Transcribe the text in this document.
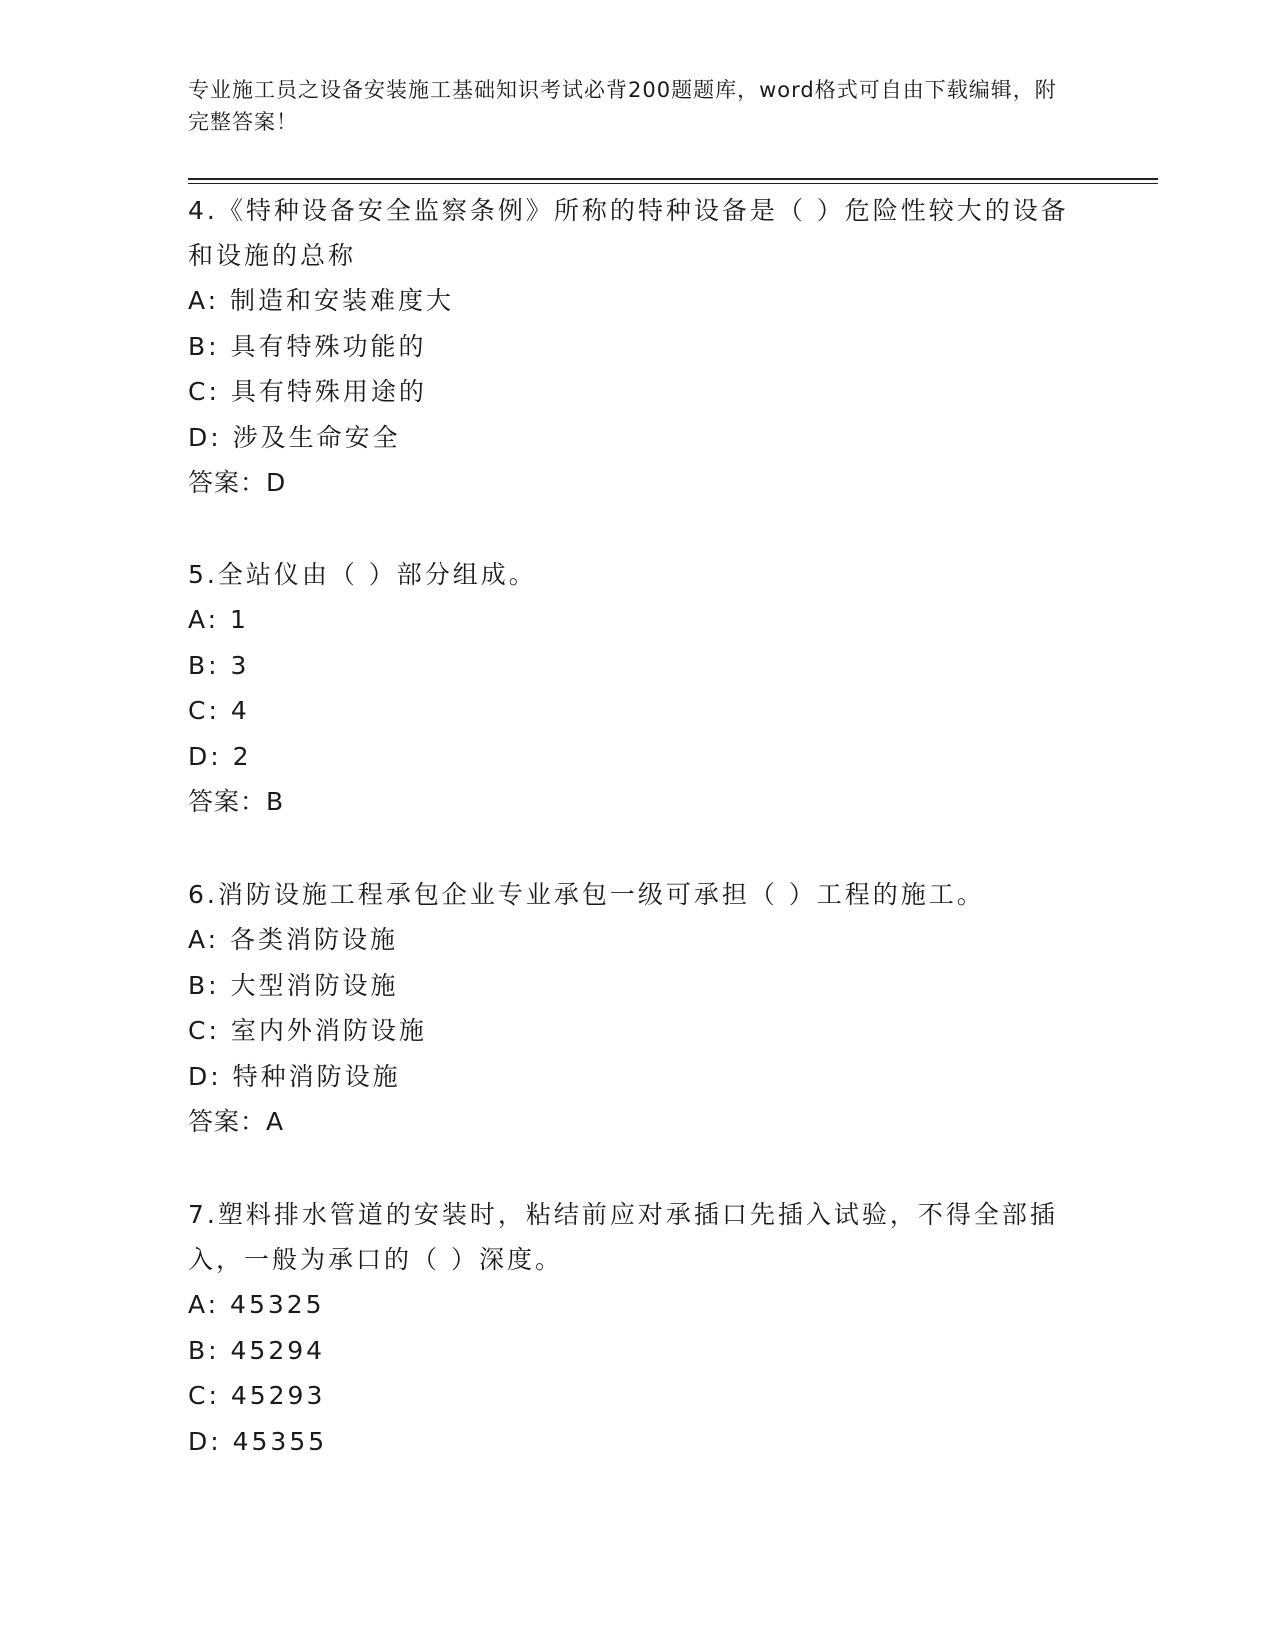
专业施工员之设备安装施工基础知识考试必背200题题库，word格式可自由下载编辑，附完整答案！

4.《特种设备安全监察条例》所称的特种设备是（ ）危险性较大的设备和设施的总称

A: 制造和安装难度大

B: 具有特殊功能的

C: 具有特殊用途的

D: 涉及生命安全

答案：D

5.全站仪由（ ）部分组成。

A: 1

B: 3

C: 4

D: 2

答案：B

6.消防设施工程承包企业专业承包一级可承担（ ）工程的施工。

A: 各类消防设施

B: 大型消防设施

C: 室内外消防设施

D: 特种消防设施

答案：A

7.塑料排水管道的安装时，粘结前应对承插口先插入试验，不得全部插入，一般为承口的（ ）深度。

A: 45325

B: 45294

C: 45293

D: 45355
